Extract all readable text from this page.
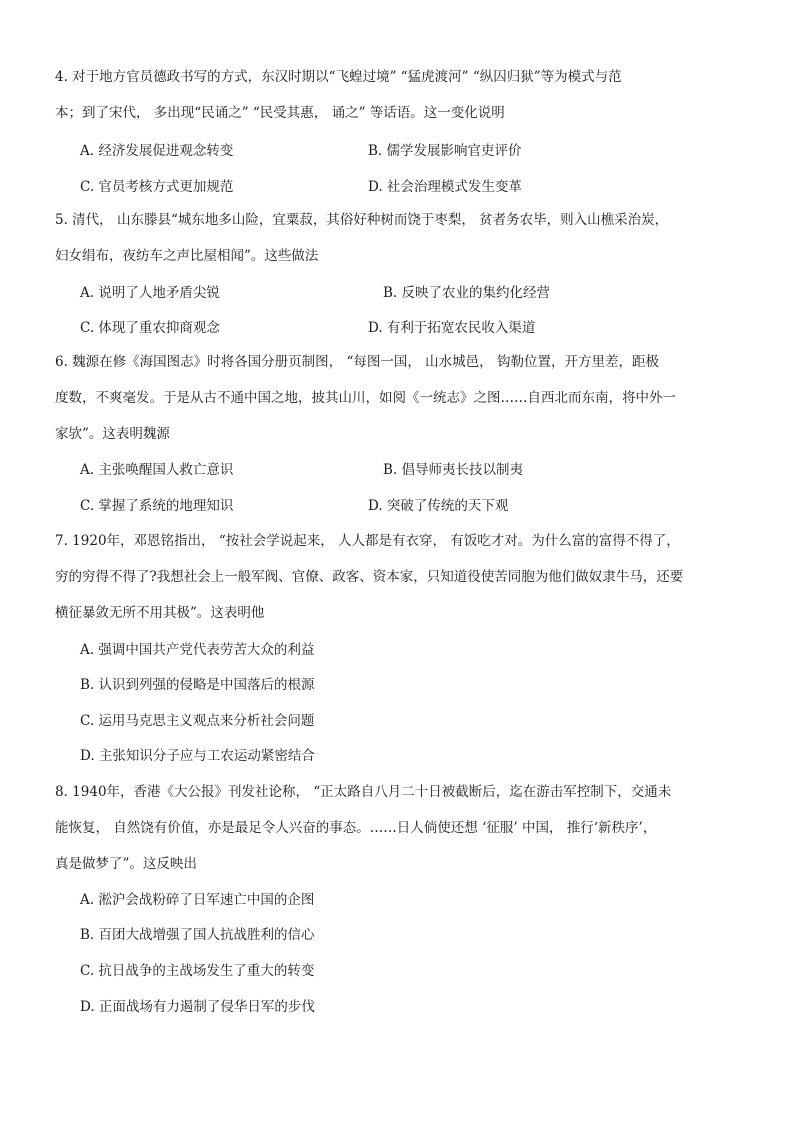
4. 对于地方官员德政书写的方式，东汉时期以“飞蝗过境” “猛虎渡河” “纵囚归狱”等为模式与范
本；到了宋代， 多出现“民诵之” “民受其惠， 诵之” 等话语。这一变化说明
A. 经济发展促进观念转变	B. 儒学发展影响官吏评价
C. 官员考核方式更加规范	D. 社会治理模式发生变革
5. 清代， 山东滕县“城东地多山险，宜粟菽，其俗好种树而饶于枣梨， 贫者务农毕，则入山樵采治炭，
妇女绢布，夜纺车之声比屋相闻”。这些做法
A. 说明了人地矛盾尖锐	B. 反映了农业的集约化经营
C. 体现了重农抑商观念	D. 有利于拓宽农民收入渠道
6. 魏源在修《海国图志》时将各国分册页制图， “每图一国， 山水城邑， 钩勒位置，开方里差，距极
度数，不爽毫发。于是从古不通中国之地，披其山川，如阅《一统志》之图……自西北而东南，将中外一
家欤”。这表明魏源
A. 主张唤醒国人救亡意识	B. 倡导师夷长技以制夷
C. 掌握了系统的地理知识	D. 突破了传统的天下观
7. 1920年，邓恩铭指出， “按社会学说起来， 人人都是有衣穿， 有饭吃才对。为什么富的富得不得了，
穷的穷得不得了?我想社会上一般军阀、官僚、政客、资本家，只知道役使苦同胞为他们做奴隶牛马，还要
横征暴敛无所不用其极”。这表明他
A. 强调中国共产党代表劳苦大众的利益
B. 认识到列强的侵略是中国落后的根源
C. 运用马克思主义观点来分析社会问题
D. 主张知识分子应与工农运动紧密结合
8. 1940年，香港《大公报》刊发社论称， “正太路自八月二十日被截断后，迄在游击军控制下，交通未
能恢复， 自然饶有价值，亦是最足令人兴奋的事态。……日人倘使还想 ‘征服’ 中国， 推行‘新秩序’，
真是做梦了”。这反映出
A. 淞沪会战粉碎了日军速亡中国的企图
B. 百团大战增强了国人抗战胜利的信心
C. 抗日战争的主战场发生了重大的转变
D. 正面战场有力遏制了侵华日军的步伐
